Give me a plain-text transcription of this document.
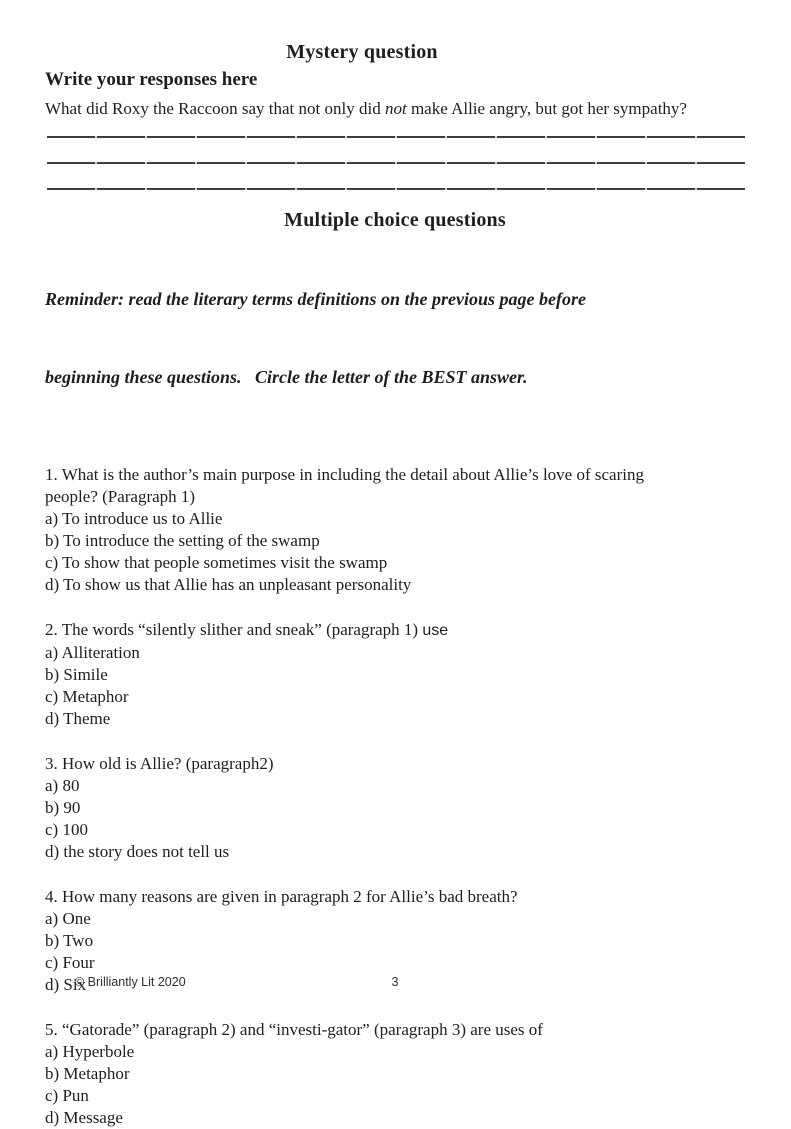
Mystery question
Write your responses here
What did Roxy the Raccoon say that not only did not make Allie angry, but got her sympathy?
Multiple choice questions

Reminder: read the literary terms definitions on the previous page before

beginning these questions.   Circle the letter of the BEST answer.

1. What is the author’s main purpose in including the detail about Allie’s love of scaring
people? (Paragraph 1)
a) To introduce us to Allie
b) To introduce the setting of the swamp
c) To show that people sometimes visit the swamp
d) To show us that Allie has an unpleasant personality
2. The words “silently slither and sneak” (paragraph 1) use
a) Alliteration
b) Simile
c) Metaphor
d) Theme
3. How old is Allie? (paragraph2)
a) 80
b) 90
c) 100
d) the story does not tell us
4. How many reasons are given in paragraph 2 for Allie’s bad breath?
a) One
b) Two
c) Four
d) Six
5. “Gatorade” (paragraph 2) and “investi-gator” (paragraph 3) are uses of
a) Hyperbole
b) Metaphor
c) Pun
d) Message
© Brilliantly Lit 2020	3
